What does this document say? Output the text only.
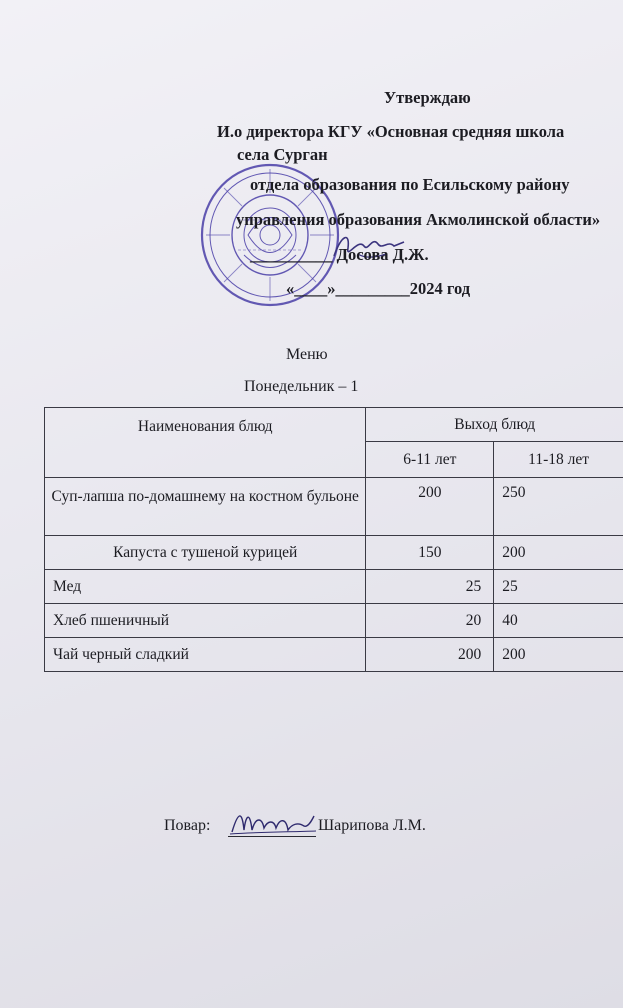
Утверждаю
И.о директора КГУ «Основная средняя школа
села Сурган
отдела образования по Есильскому району
управления образования Акмолинской области»
__________ Досова Д.Ж.
«____»_________2024 год
Меню
Понедельник – 1
Наименования блюд	Выход блюд	
	6-11 лет	11-18 лет
Суп-лапша по-домашнему на костном бульоне	200	250
Капуста с тушеной курицей	150	200
Мед	25	25
Хлеб пшеничный	20	40
Чай черный сладкий	200	200
Повар:	Шарипова Л.М.
